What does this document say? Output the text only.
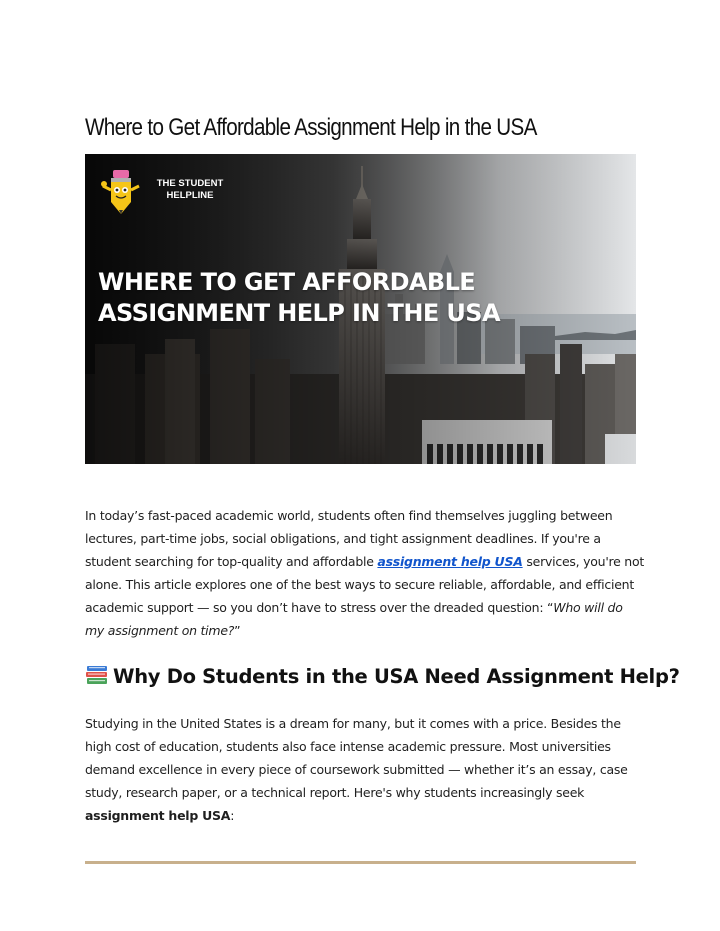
Where to Get Affordable Assignment Help in the USA
THE STUDENT HELPLINE
WHERE TO GET AFFORDABLE ASSIGNMENT HELP IN THE USA

In today’s fast-paced academic world, students often find themselves juggling between lectures, part-time jobs, social obligations, and tight assignment deadlines. If you're a student searching for top-quality and affordable assignment help USA services, you're not alone. This article explores one of the best ways to secure reliable, affordable, and efficient academic support — so you don’t have to stress over the dreaded question: “Who will do my assignment on time?”

Why Do Students in the USA Need Assignment Help?

Studying in the United States is a dream for many, but it comes with a price. Besides the high cost of education, students also face intense academic pressure. Most universities demand excellence in every piece of coursework submitted — whether it’s an essay, case study, research paper, or a technical report. Here's why students increasingly seek assignment help USA:
